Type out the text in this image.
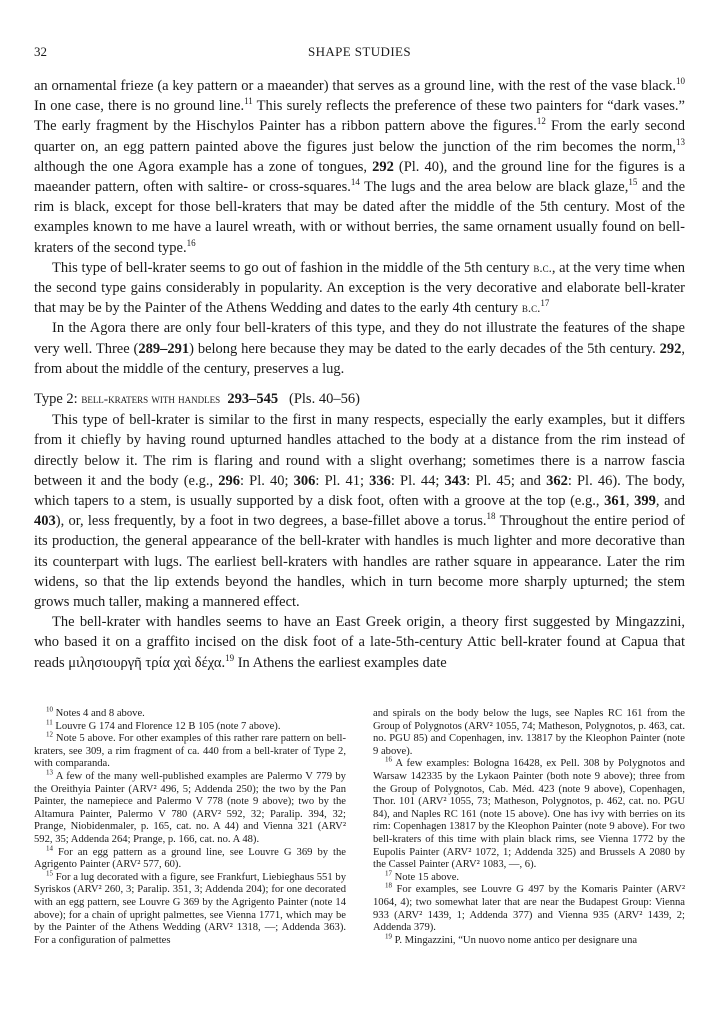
32	SHAPE STUDIES

an ornamental frieze (a key pattern or a maeander) that serves as a ground line, with the rest of the vase black.$^{10}$ In one case, there is no ground line.$^{11}$ This surely reflects the preference of these two painters for “dark vases.” The early fragment by the Hischylos Painter has a ribbon pattern above the figures.$^{12}$ From the early second quarter on, an egg pattern painted above the figures just below the junction of the rim becomes the norm,$^{13}$ although the one Agora example has a zone of tongues, 292 (Pl. 40), and the ground line for the figures is a maeander pattern, often with saltire- or cross-squares.$^{14}$ The lugs and the area below are black glaze,$^{15}$ and the rim is black, except for those bell-kraters that may be dated after the middle of the 5th century. Most of the examples known to me have a laurel wreath, with or without berries, the same ornament usually found on bell-kraters of the second type.$^{16}$

This type of bell-krater seems to go out of fashion in the middle of the 5th century b.c., at the very time when the second type gains considerably in popularity. An exception is the very decorative and elaborate bell-krater that may be by the Painter of the Athens Wedding and dates to the early 4th century b.c.$^{17}$

In the Agora there are only four bell-kraters of this type, and they do not illustrate the features of the shape very well. Three (289–291) belong here because they may be dated to the early decades of the 5th century. 292, from about the middle of the century, preserves a lug.

Type 2: bell-kraters with handles 293–545 (Pls. 40–56)

This type of bell-krater is similar to the first in many respects, especially the early examples, but it differs from it chiefly by having round upturned handles attached to the body at a distance from the rim instead of directly below it. The rim is flaring and round with a slight overhang; sometimes there is a narrow fascia between it and the body (e.g., 296: Pl. 40; 306: Pl. 41; 336: Pl. 44; 343: Pl. 45; and 362: Pl. 46). The body, which tapers to a stem, is usually supported by a disk foot, often with a groove at the top (e.g., 361, 399, and 403), or, less frequently, by a foot in two degrees, a base-fillet above a torus.$^{18}$ Throughout the entire period of its production, the general appearance of the bell-krater with handles is much lighter and more decorative than its counterpart with lugs. The earliest bell-kraters with handles are rather square in appearance. Later the rim widens, so that the lip extends beyond the handles, which in turn become more sharply upturned; the stem grows much taller, making a mannered effect.

The bell-krater with handles seems to have an East Greek origin, a theory first suggested by Mingazzini, who based it on a graffito incised on the disk foot of a late-5th-century Attic bell-krater found at Capua that reads μιλησιουργῆ τρία χαὶ δέχα.$^{19}$ In Athens the earliest examples date

$^{10}$ Notes 4 and 8 above.

$^{11}$ Louvre G 174 and Florence 12 B 105 (note 7 above).

$^{12}$ Note 5 above. For other examples of this rather rare pattern on bell-kraters, see 309, a rim fragment of ca. 440 from a bell-krater of Type 2, with comparanda.

$^{13}$ A few of the many well-published examples are Palermo V 779 by the Oreithyia Painter (ARV² 496, 5; Addenda 250); the two by the Pan Painter, the namepiece and Palermo V 778 (note 9 above); two by the Altamura Painter, Palermo V 780 (ARV² 592, 32; Paralip. 394, 32; Prange, Niobidenmaler, p. 165, cat. no. A 44) and Vienna 321 (ARV² 592, 35; Addenda 264; Prange, p. 166, cat. no. A 48).

$^{14}$ For an egg pattern as a ground line, see Louvre G 369 by the Agrigento Painter (ARV² 577, 60).

$^{15}$ For a lug decorated with a figure, see Frankfurt, Liebieghaus 551 by Syriskos (ARV² 260, 3; Paralip. 351, 3; Addenda 204); for one decorated with an egg pattern, see Louvre G 369 by the Agrigento Painter (note 14 above); for a chain of upright palmettes, see Vienna 1771, which may be by the Painter of the Athens Wedding (ARV² 1318, —; Addenda 363). For a configuration of palmettes

and spirals on the body below the lugs, see Naples RC 161 from the Group of Polygnotos (ARV² 1055, 74; Matheson, Polygnotos, p. 463, cat. no. PGU 85) and Copenhagen, inv. 13817 by the Kleophon Painter (note 9 above).

$^{16}$ A few examples: Bologna 16428, ex Pell. 308 by Polygnotos and Warsaw 142335 by the Lykaon Painter (both note 9 above); three from the Group of Polygnotos, Cab. Méd. 423 (note 9 above), Copenhagen, Thor. 101 (ARV² 1055, 73; Matheson, Polygnotos, p. 462, cat. no. PGU 84), and Naples RC 161 (note 15 above). One has ivy with berries on its rim: Copenhagen 13817 by the Kleophon Painter (note 9 above). For two bell-kraters of this time with plain black rims, see Vienna 1772 by the Eupolis Painter (ARV² 1072, 1; Addenda 325) and Brussels A 2080 by the Cassel Painter (ARV² 1083, —, 6).

$^{17}$ Note 15 above.

$^{18}$ For examples, see Louvre G 497 by the Komaris Painter (ARV² 1064, 4); two somewhat later that are near the Budapest Group: Vienna 933 (ARV² 1439, 1; Addenda 377) and Vienna 935 (ARV² 1439, 2; Addenda 379).

$^{19}$ P. Mingazzini, “Un nuovo nome antico per designare una
